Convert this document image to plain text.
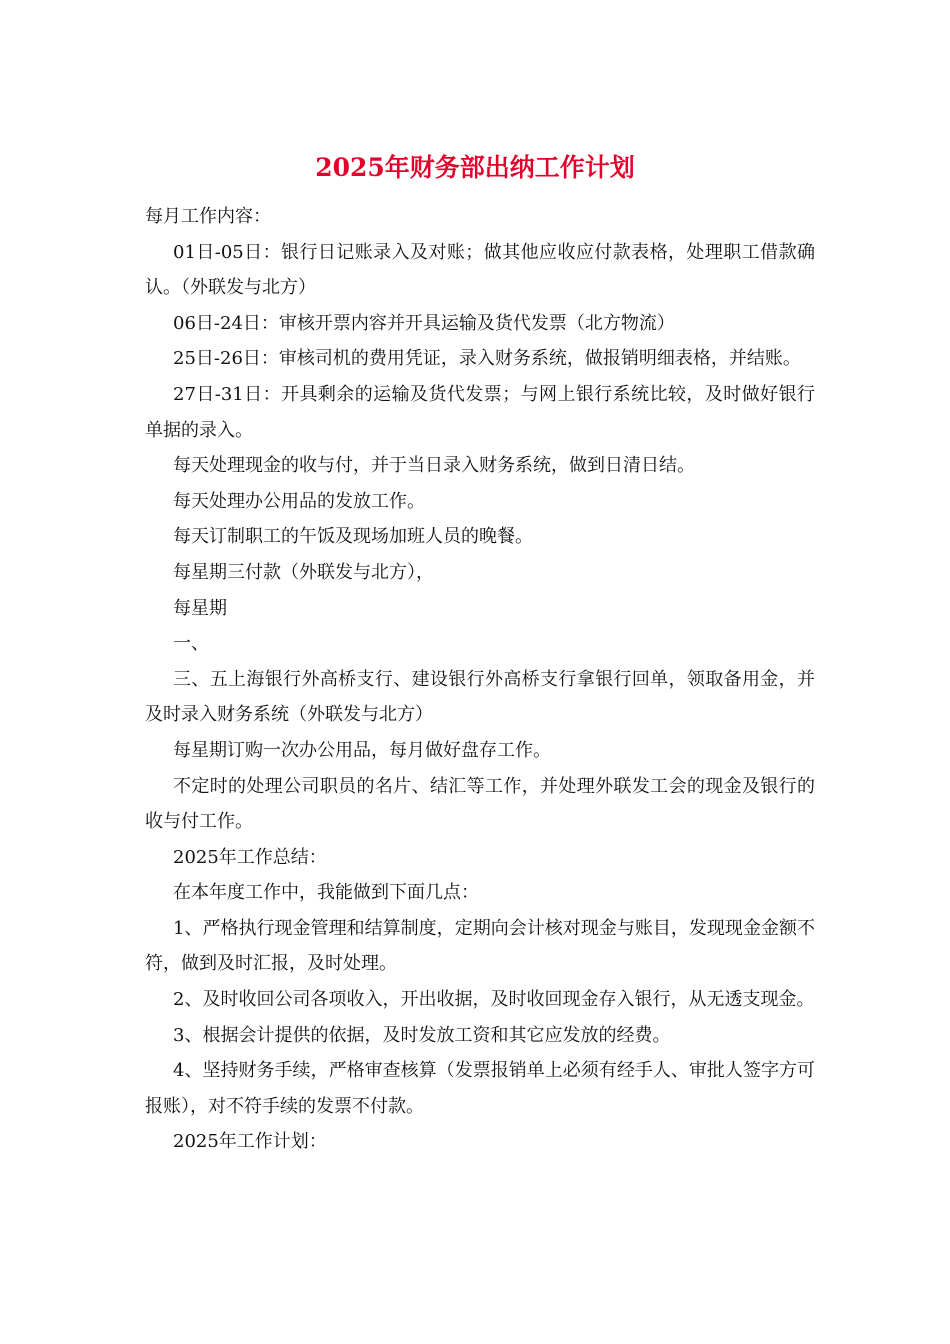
2025年财务部出纳工作计划

每月工作内容：

01日-05日：银行日记账录入及对账；做其他应收应付款表格，处理职工借款确认。（外联发与北方）

06日-24日：审核开票内容并开具运输及货代发票（北方物流）

25日-26日：审核司机的费用凭证，录入财务系统，做报销明细表格，并结账。

27日-31日：开具剩余的运输及货代发票；与网上银行系统比较，及时做好银行单据的录入。

每天处理现金的收与付，并于当日录入财务系统，做到日清日结。

每天处理办公用品的发放工作。

每天订制职工的午饭及现场加班人员的晚餐。

每星期三付款（外联发与北方），

每星期

一、

三、五上海银行外高桥支行、建设银行外高桥支行拿银行回单，领取备用金，并及时录入财务系统（外联发与北方）

每星期订购一次办公用品，每月做好盘存工作。

不定时的处理公司职员的名片、结汇等工作，并处理外联发工会的现金及银行的收与付工作。

2025年工作总结：

在本年度工作中，我能做到下面几点：

1、严格执行现金管理和结算制度，定期向会计核对现金与账目，发现现金金额不符，做到及时汇报，及时处理。

2、及时收回公司各项收入，开出收据，及时收回现金存入银行，从无透支现金。

3、根据会计提供的依据，及时发放工资和其它应发放的经费。

4、坚持财务手续，严格审查核算（发票报销单上必须有经手人、审批人签字方可报账），对不符手续的发票不付款。

2025年工作计划：
